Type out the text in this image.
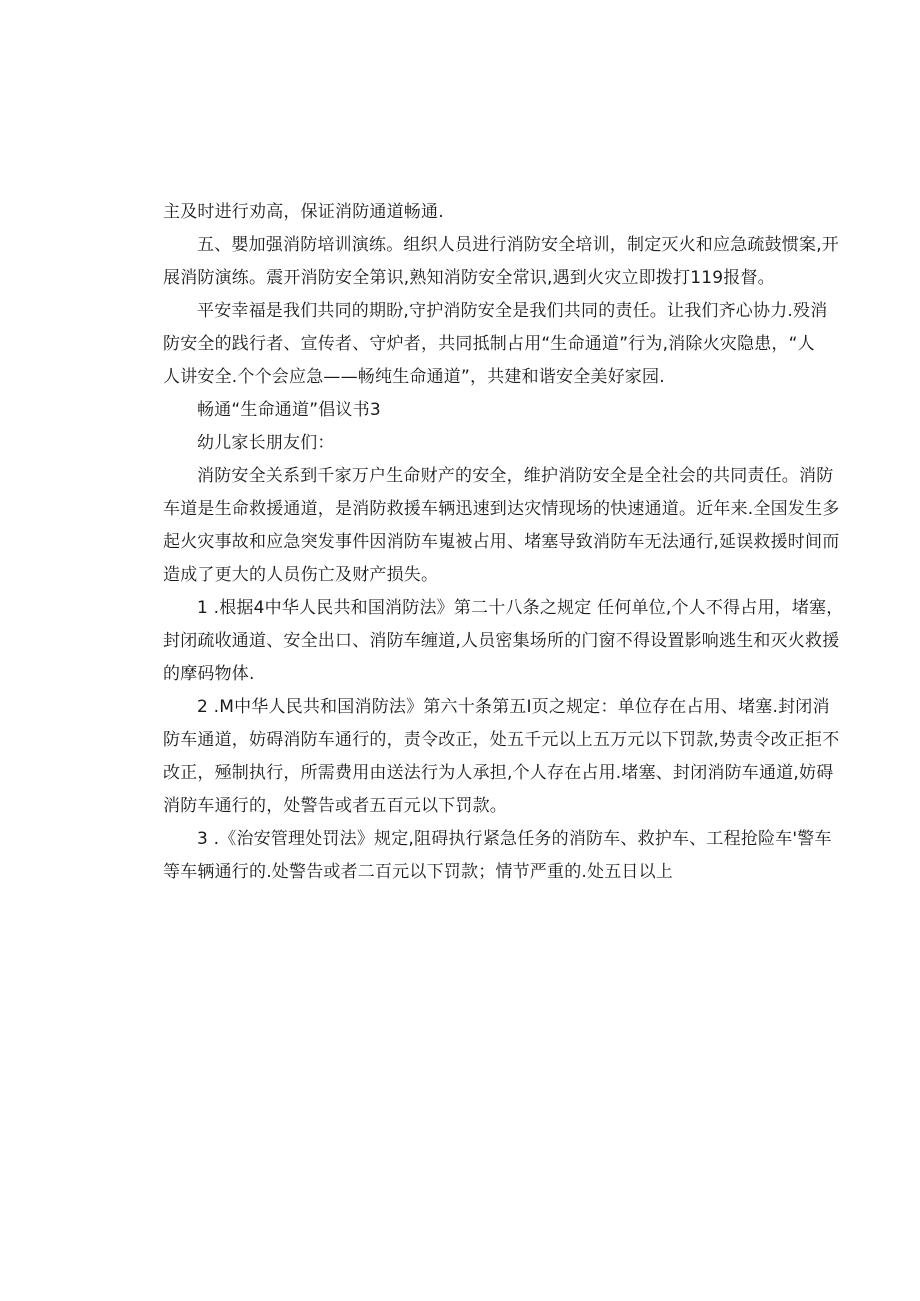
主及时进行劝高，保证消防通道畅通.
五、嬰加强消防培训演练。组织人员进行消防安全培训，制定灭火和应急疏鼓惯案,开
展消防演练。震开消防安全第识,熟知消防安全常识,遇到火灾立即拨打119报督。
平安幸福是我们共同的期盼,守护消防安全是我们共同的责任。让我们齐心协力.殁消
防安全的践行者、宣传者、守炉者，共同抵制占用“生命通道”行为,消除火灾隐患，“人
人讲安全.个个会应急——畅纯生命通道”，共建和谐安全美好家园.
畅通“生命通道”倡议书3
幼儿家长朋友们：
消防安全关系到千家万户生命财产的安全，维护消防安全是全社会的共同责任。消防
车道是生命救援通道，是消防救援车辆迅速到达灾情现场的快速通道。近年来.全国发生多
起火灾事故和应急突发事件因消防车嵬被占用、堵塞导致消防车无法通行,延误救援时间而
造成了更大的人员伤亡及财产损失。
1 .根据4中华人民共和国消防法》第二十八条之规定 任何单位,个人不得占用，堵塞，
封闭疏收通道、安全出口、消防车缠道,人员密集场所的门窗不得设置影响逃生和灭火救援
的摩码物体.
2 .M中华人民共和国消防法》第六十条第五I页之规定：单位存在占用、堵塞.封闭消
防车通道，妨碍消防车通行的，责令改正，处五千元以上五万元以下罚款,势责令改正拒不
改正，殛制执行，所需费用由送法行为人承担,个人存在占用.堵塞、封闭消防车通道,妨碍
消防车通行的，处警告或者五百元以下罚款。
3 .《治安管理处罚法》规定,阻碍执行紧急任务的消防车、救护车、工程抢险车'警车
等车辆通行的.处警告或者二百元以下罚款；情节严重的.处五日以上
